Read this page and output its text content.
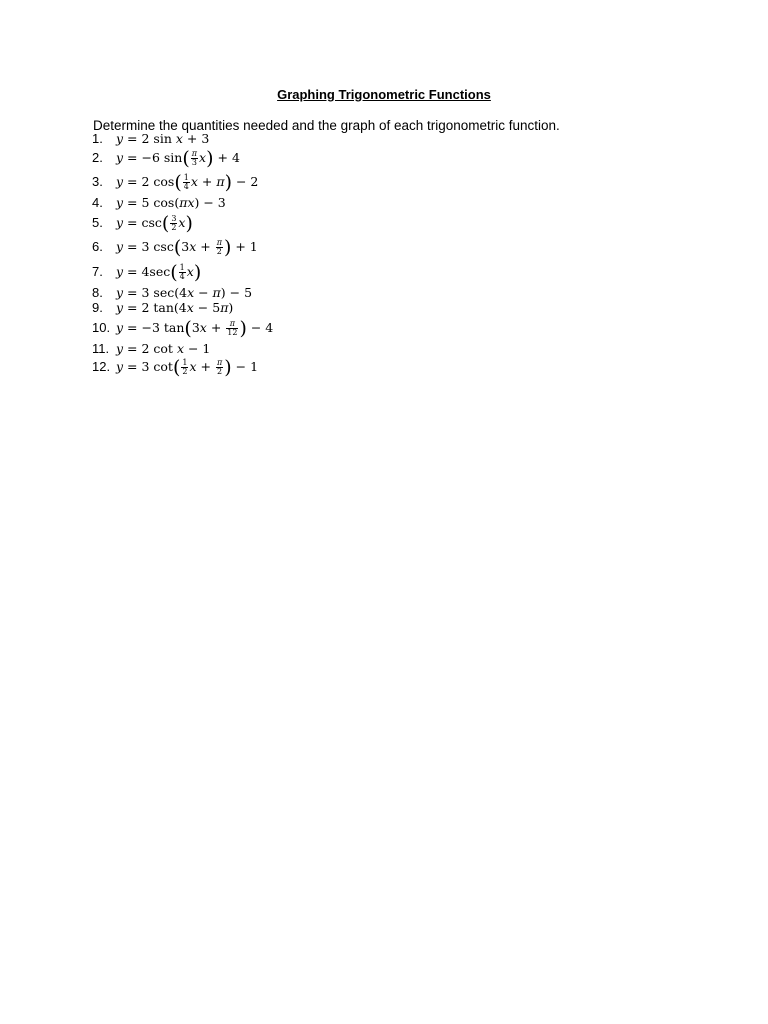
Graphing Trigonometric Functions
Determine the quantities needed and the graph of each trigonometric function.
1. y = 2 sin x + 3
2. y = −6 $\sin( \frac{\pi}{3} x) + 4$
3. y = 2 $\cos( \frac{1}{4}$ x + π) − 2
4. y = 5 cos(πx) − 3
5. $y = \csc( \frac{3}{2} x)$
6. y = 3 $\csc(3x + \frac{\pi}{2}$ ) + 1
7. $y = 4\sec( \frac{1}{4} x)$
8. y = 3 sec(4x − π) − 5
9. y = 2 tan(4x − 5π)
10. y = −3 $\tan(3x + \frac{\pi}{12}$ ) − 4
11. y = 2 cot x − 1
12. y = 3 $\cot( \frac{1}{2}$ $x + \frac{\pi}{2}$ ) − 1
